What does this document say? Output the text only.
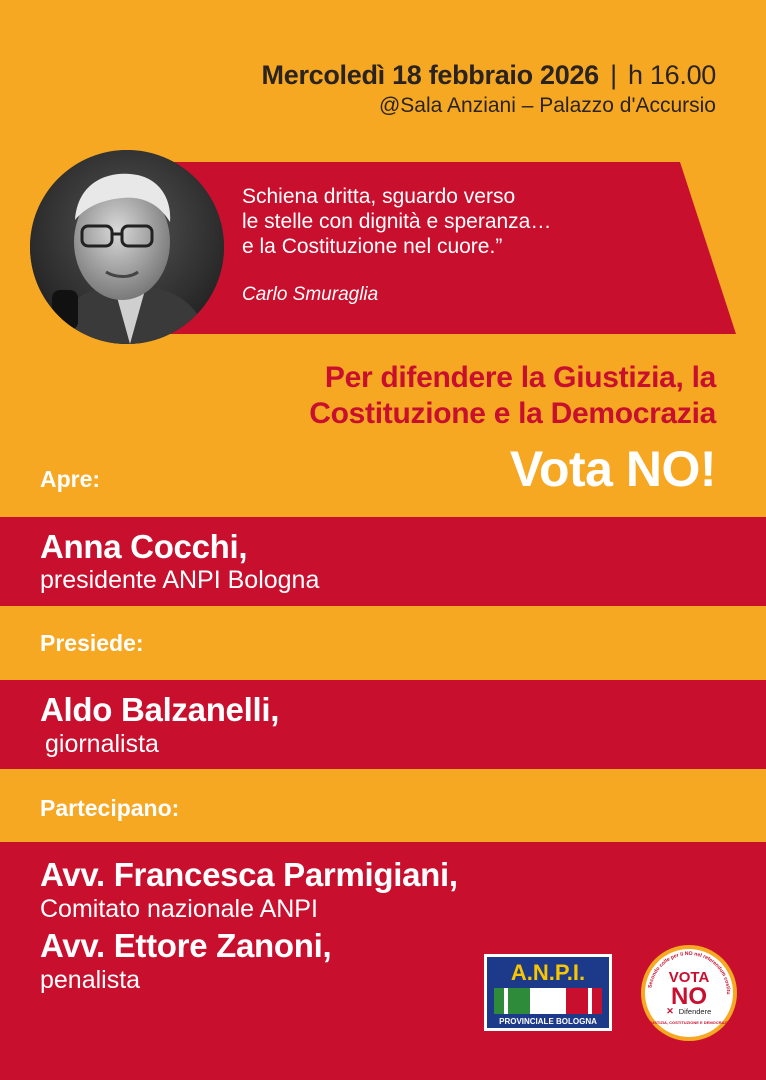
Mercoledì 18 febbraio 2026 | h 16.00
@Sala Anziani – Palazzo d'Accursio
Schiena dritta, sguardo verso
le stelle con dignità e speranza…
e la Costituzione nel cuore.”
Carlo Smuraglia
Per difendere la Giustizia, la
Costituzione e la Democrazia
Vota NO!
Apre:
Anna Cocchi,
presidente ANPI Bologna
Presiede:
Aldo Balzanelli,
giornalista
Partecipano:
Avv. Francesca Parmigiani,
Comitato nazionale ANPI
Avv. Ettore Zanoni,
penalista	A.N.P.I.
PROVINCIALE BOLOGNA
Secondo colle per il NO nel referendum costitu
VOTA
NO
✕ Difendere
GIUSTIZIA, COSTITUZIONE E DEMOCRAZIA
